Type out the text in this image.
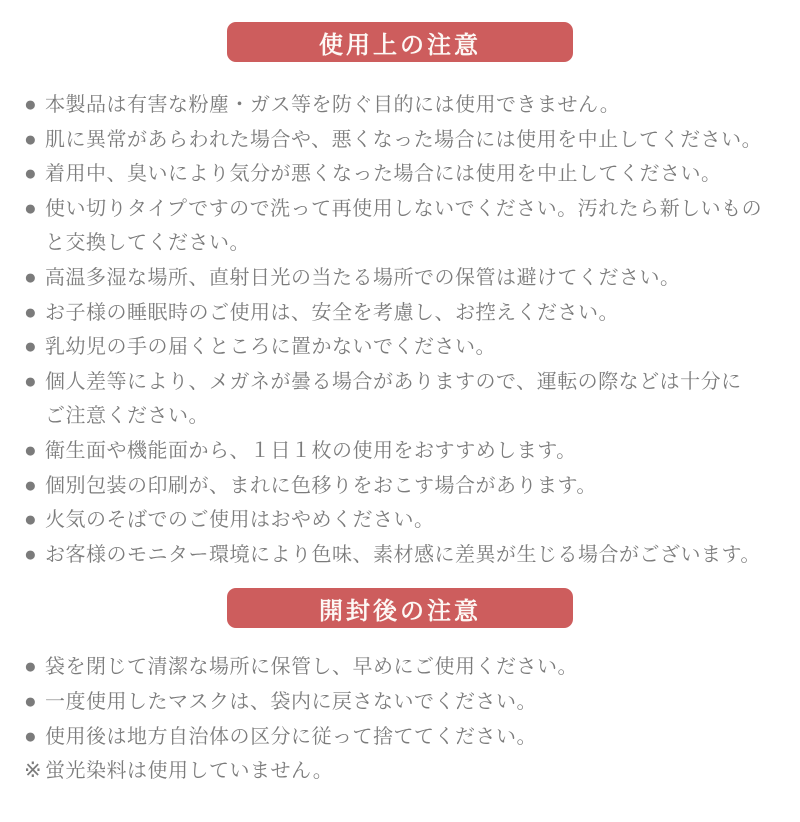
使用上の注意
● 本製品は有害な粉塵・ガス等を防ぐ目的には使用できません。
● 肌に異常があらわれた場合や、悪くなった場合には使用を中止してください。
● 着用中、臭いにより気分が悪くなった場合には使用を中止してください。
● 使い切りタイプですので洗って再使用しないでください。汚れたら新しいもの
と交換してください。
● 高温多湿な場所、直射日光の当たる場所での保管は避けてください。
● お子様の睡眠時のご使用は、安全を考慮し、お控えください。
● 乳幼児の手の届くところに置かないでください。
● 個人差等により、メガネが曇る場合がありますので、運転の際などは十分に
ご注意ください。
● 衛生面や機能面から、１日１枚の使用をおすすめします。
● 個別包装の印刷が、まれに色移りをおこす場合があります。
● 火気のそばでのご使用はおやめください。
● お客様のモニター環境により色味、素材感に差異が生じる場合がございます。
開封後の注意
● 袋を閉じて清潔な場所に保管し、早めにご使用ください。
● 一度使用したマスクは、袋内に戻さないでください。
● 使用後は地方自治体の区分に従って捨ててください。
※ 蛍光染料は使用していません。
